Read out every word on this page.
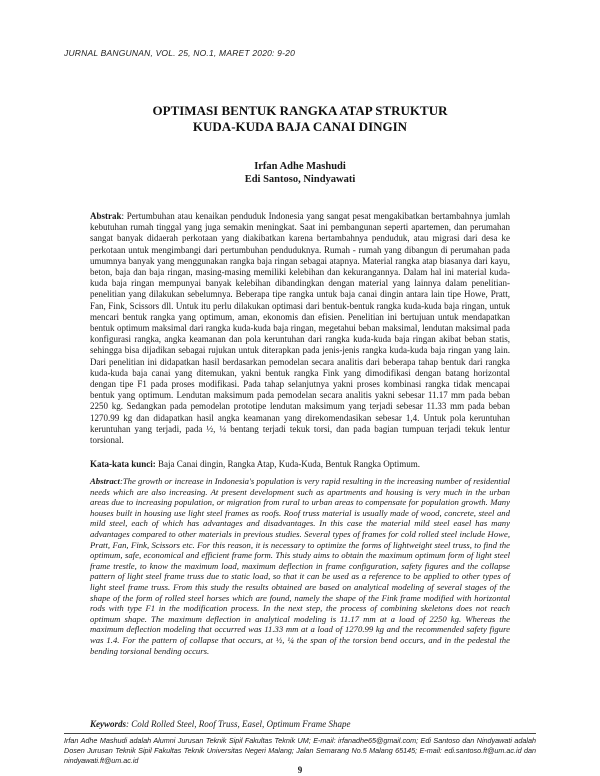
JURNAL BANGUNAN, VOL. 25, NO.1, MARET 2020: 9-20
OPTIMASI BENTUK RANGKA ATAP STRUKTUR
KUDA-KUDA BAJA CANAI DINGIN
Irfan Adhe Mashudi
Edi Santoso, Nindyawati

Abstrak: Pertumbuhan atau kenaikan penduduk Indonesia yang sangat pesat mengakibatkan bertambahnya jumlah kebutuhan rumah tinggal yang juga semakin meningkat. Saat ini pembangunan seperti apartemen, dan perumahan sangat banyak didaerah perkotaan yang diakibatkan karena bertambahnya penduduk, atau migrasi dari desa ke perkotaan untuk mengimbangi dari pertumbuhan penduduknya. Rumah - rumah yang dibangun di perumahan pada umumnya banyak yang menggunakan rangka baja ringan sebagai atapnya. Material rangka atap biasanya dari kayu, beton, baja dan baja ringan, masing-masing memiliki kelebihan dan kekurangannya. Dalam hal ini material kuda-kuda baja ringan mempunyai banyak kelebihan dibandingkan dengan material yang lainnya dalam penelitian-penelitian yang dilakukan sebelumnya. Beberapa tipe rangka untuk baja canai dingin antara lain tipe Howe, Pratt, Fan, Fink, Scissors dll. Untuk itu perlu dilakukan optimasi dari bentuk-bentuk rangka kuda-kuda baja ringan, untuk mencari bentuk rangka yang optimum, aman, ekonomis dan efisien. Penelitian ini bertujuan untuk mendapatkan bentuk optimum maksimal dari rangka kuda-kuda baja ringan, megetahui beban maksimal, lendutan maksimal pada konfigurasi rangka, angka keamanan dan pola keruntuhan dari rangka kuda-kuda baja ringan akibat beban statis, sehingga bisa dijadikan sebagai rujukan untuk diterapkan pada jenis-jenis rangka kuda-kuda baja ringan yang lain. Dari penelitian ini didapatkan hasil berdasarkan pemodelan secara analitis dari beberapa tahap bentuk dari rangka kuda-kuda baja canai yang ditemukan, yakni bentuk rangka Fink yang dimodifikasi dengan batang horizontal dengan tipe F1 pada proses modifikasi. Pada tahap selanjutnya yakni proses kombinasi rangka tidak mencapai bentuk yang optimum. Lendutan maksimum pada pemodelan secara analitis yakni sebesar 11.17 mm pada beban 2250 kg. Sedangkan pada pemodelan prototipe lendutan maksimum yang terjadi sebesar 11.33 mm pada beban 1270.99 kg dan didapatkan hasil angka keamanan yang direkomendasikan sebesar 1,4. Untuk pola keruntuhan keruntuhan yang terjadi, pada ½, ¼ bentang terjadi tekuk torsi, dan pada bagian tumpuan terjadi tekuk lentur torsional.

Kata-kata kunci: Baja Canai dingin, Rangka Atap, Kuda-Kuda, Bentuk Rangka Optimum.

Abstract:The growth or increase in Indonesia's population is very rapid resulting in the increasing number of residential needs which are also increasing. At present development such as apartments and housing is very much in the urban areas due to increasing population, or migration from rural to urban areas to compensate for population growth. Many houses built in housing use light steel frames as roofs. Roof truss material is usually made of wood, concrete, steel and mild steel, each of which has advantages and disadvantages. In this case the material mild steel easel has many advantages compared to other materials in previous studies. Several types of frames for cold rolled steel include Howe, Pratt, Fan, Fink, Scissors etc. For this reason, it is necessary to optimize the forms of lightweight steel truss, to find the optimum, safe, economical and efficient frame form. This study aims to obtain the maximum optimum form of light steel frame trestle, to know the maximum load, maximum deflection in frame configuration, safety figures and the collapse pattern of light steel frame truss due to static load, so that it can be used as a reference to be applied to other types of light steel frame truss. From this study the results obtained are based on analytical modeling of several stages of the shape of the form of rolled steel horses which are found, namely the shape of the Fink frame modified with horizontal rods with type F1 in the modification process. In the next step, the process of combining skeletons does not reach optimum shape. The maximum deflection in analytical modeling is 11.17 mm at a load of 2250 kg. Whereas the maximum deflection modeling that occurred was 11.33 mm at a load of 1270.99 kg and the recommended safety figure was 1.4. For the pattern of collapse that occurs, at ½, ¼ the span of the torsion bend occurs, and in the pedestal the bending torsional bending occurs.

Keywords: Cold Rolled Steel, Roof Truss, Easel, Optimum Frame Shape

Irfan Adhe Mashudi adalah Alumni Jurusan Teknik Sipil Fakultas Teknik UM; E-mail: irfanadhe65@gmail.com; Edi Santoso dan Nindyawati adalah Dosen Jurusan Teknik Sipil Fakultas Teknik Universitas Negeri Malang; Jalan Semarang No.5 Malang 65145; E-mail: edi.santoso.ft@um.ac.id dan nindyawati.ft@um.ac.id

9
